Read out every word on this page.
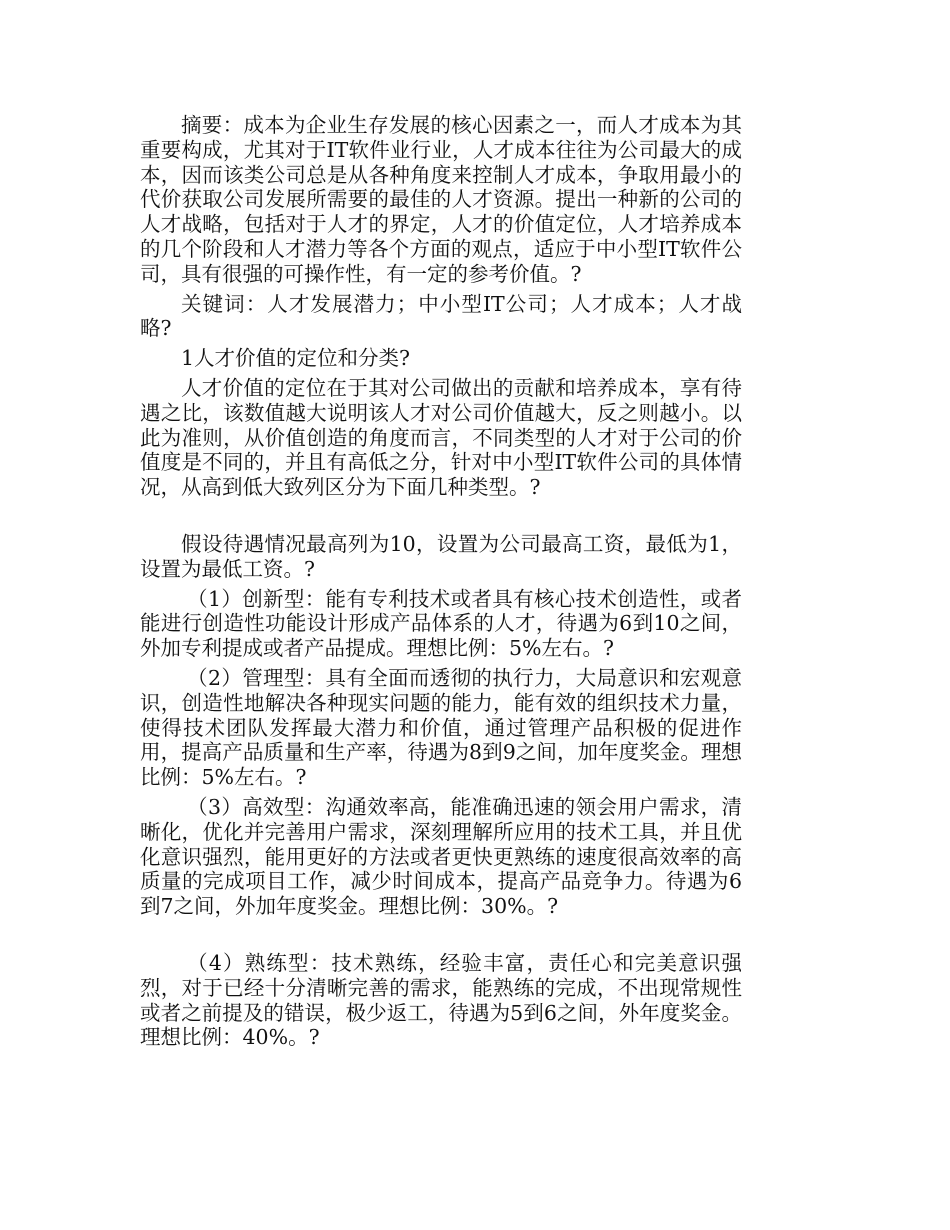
摘要：成本为企业生存发展的核心因素之一，而人才成本为其重要构成，尤其对于IT软件业行业，人才成本往往为公司最大的成本，因而该类公司总是从各种角度来控制人才成本，争取用最小的代价获取公司发展所需要的最佳的人才资源。提出一种新的公司的人才战略，包括对于人才的界定，人才的价值定位，人才培养成本的几个阶段和人才潜力等各个方面的观点，适应于中小型IT软件公司，具有很强的可操作性，有一定的参考价值。?

关键词：人才发展潜力；中小型IT公司；人才成本；人才战略?

1人才价值的定位和分类?

人才价值的定位在于其对公司做出的贡献和培养成本，享有待遇之比，该数值越大说明该人才对公司价值越大，反之则越小。以此为准则，从价值创造的角度而言，不同类型的人才对于公司的价值度是不同的，并且有高低之分，针对中小型IT软件公司的具体情况，从高到低大致列区分为下面几种类型。?

假设待遇情况最高列为10，设置为公司最高工资，最低为1，设置为最低工资。?

（1）创新型：能有专利技术或者具有核心技术创造性，或者能进行创造性功能设计形成产品体系的人才，待遇为6到10之间，外加专利提成或者产品提成。理想比例：5%左右。?

（2）管理型：具有全面而透彻的执行力，大局意识和宏观意识，创造性地解决各种现实问题的能力，能有效的组织技术力量，使得技术团队发挥最大潜力和价值，通过管理产品积极的促进作用，提高产品质量和生产率，待遇为8到9之间，加年度奖金。理想比例：5%左右。?

（3）高效型：沟通效率高，能准确迅速的领会用户需求，清晰化，优化并完善用户需求，深刻理解所应用的技术工具，并且优化意识强烈，能用更好的方法或者更快更熟练的速度很高效率的高质量的完成项目工作，减少时间成本，提高产品竞争力。待遇为6到7之间，外加年度奖金。理想比例：30%。?

（4）熟练型：技术熟练，经验丰富，责任心和完美意识强烈，对于已经十分清晰完善的需求，能熟练的完成，不出现常规性或者之前提及的错误，极少返工，待遇为5到6之间，外年度奖金。理想比例：40%。?
